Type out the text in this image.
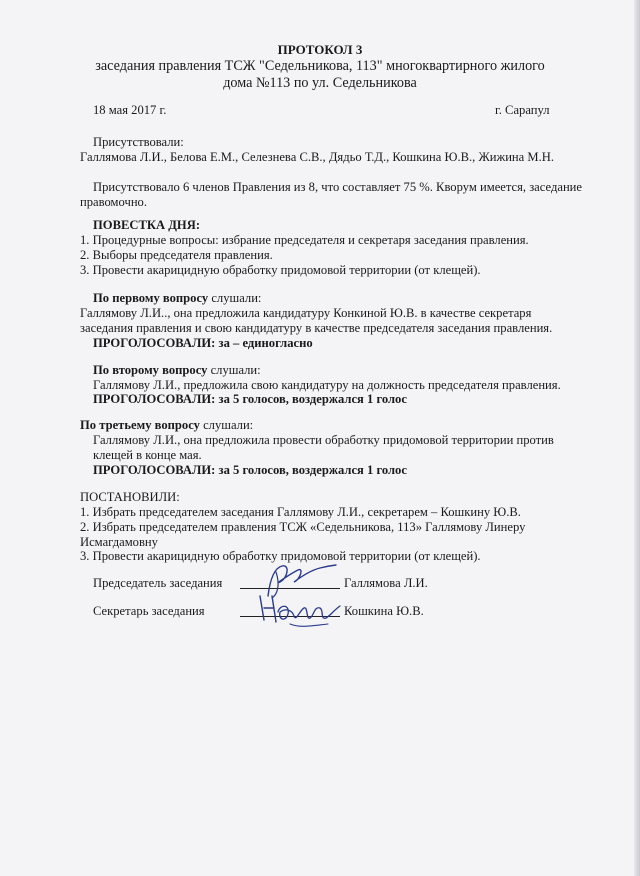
ПРОТОКОЛ 3
заседания правления ТСЖ "Седельникова, 113" многоквартирного жилого
дома №113 по ул. Седельникова
18 мая 2017 г.	г. Сарапул
Присутствовали:
Галлямова Л.И., Белова Е.М., Селезнева С.В., Дядьо Т.Д., Кошкина Ю.В., Жижина М.Н.
Присутствовало 6 членов Правления из 8, что составляет 75 %. Кворум имеется, заседание
правомочно.
ПОВЕСТКА ДНЯ:
1. Процедурные вопросы: избрание председателя и секретаря заседания правления.
2. Выборы председателя правления.
3. Провести акарицидную обработку придомовой территории (от клещей).
По первому вопросу слушали:
Галлямову Л.И.., она предложила кандидатуру Конкиной Ю.В. в качестве секретаря
заседания правления и свою кандидатуру в качестве председателя заседания правления.
ПРОГОЛОСОВАЛИ: за – единогласно
По второму вопросу слушали:
Галлямову Л.И., предложила свою кандидатуру на должность председателя правления.
ПРОГОЛОСОВАЛИ: за 5 голосов, воздержался 1 голос
По третьему вопросу слушали:
Галлямову Л.И., она предложила провести обработку придомовой территории против
клещей в конце мая.
ПРОГОЛОСОВАЛИ: за 5 голосов, воздержался 1 голос
ПОСТАНОВИЛИ:
1. Избрать председателем заседания Галлямову Л.И., секретарем – Кошкину Ю.В.
2. Избрать председателем правления ТСЖ «Седельникова, 113» Галлямову Линеру
Исмагдамовну
3. Провести акарицидную обработку придомовой территории (от клещей).
Председатель заседания	Галлямова Л.И.
Секретарь заседания	Кошкина Ю.В.
